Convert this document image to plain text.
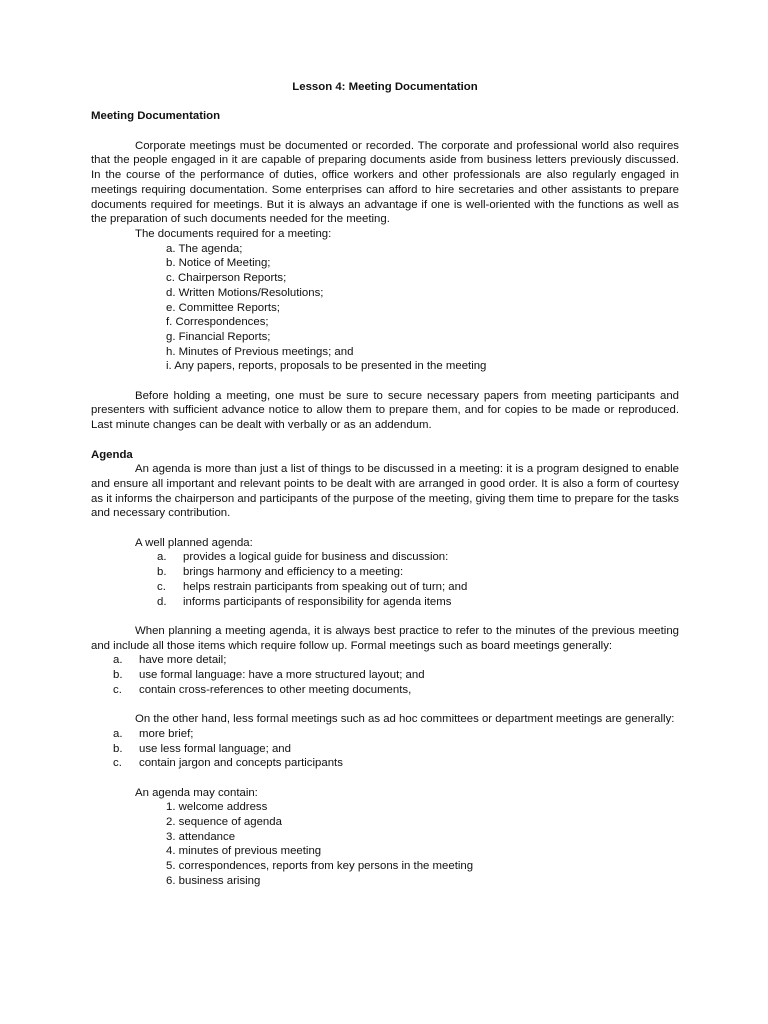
Lesson 4: Meeting Documentation

Meeting Documentation

Corporate meetings must be documented or recorded. The corporate and professional world also requires that the people engaged in it are capable of preparing documents aside from business letters previously discussed. In the course of the performance of duties, office workers and other professionals are also regularly engaged in meetings requiring documentation. Some enterprises can afford to hire secretaries and other assistants to prepare documents required for meetings. But it is always an advantage if one is well-oriented with the functions as well as the preparation of such documents needed for the meeting.

The documents required for a meeting:

a. The agenda;
b. Notice of Meeting;
c. Chairperson Reports;
d. Written Motions/Resolutions;
e. Committee Reports;
f. Correspondences;
g. Financial Reports;
h. Minutes of Previous meetings; and
i. Any papers, reports, proposals to be presented in the meeting

Before holding a meeting, one must be sure to secure necessary papers from meeting participants and presenters with sufficient advance notice to allow them to prepare them, and for copies to be made or reproduced. Last minute changes can be dealt with verbally or as an addendum.

Agenda

An agenda is more than just a list of things to be discussed in a meeting: it is a program designed to enable and ensure all important and relevant points to be dealt with are arranged in good order. It is also a form of courtesy as it informs the chairperson and participants of the purpose of the meeting, giving them time to prepare for the tasks and necessary contribution.

A well planned agenda:

a.	provides a logical guide for business and discussion:
b.	brings harmony and efficiency to a meeting:
c.	helps restrain participants from speaking out of turn; and
d.	informs participants of responsibility for agenda items

When planning a meeting agenda, it is always best practice to refer to the minutes of the previous meeting and include all those items which require follow up. Formal meetings such as board meetings generally:

a.	have more detail;
b.	use formal language: have a more structured layout; and
c.	contain cross-references to other meeting documents,

On the other hand, less formal meetings such as ad hoc committees or department meetings are generally:

a.	more brief;
b.	use less formal language; and
c.	contain jargon and concepts participants

An agenda may contain:

1. welcome address
2. sequence of agenda
3. attendance
4. minutes of previous meeting
5. correspondences, reports from key persons in the meeting
6. business arising
